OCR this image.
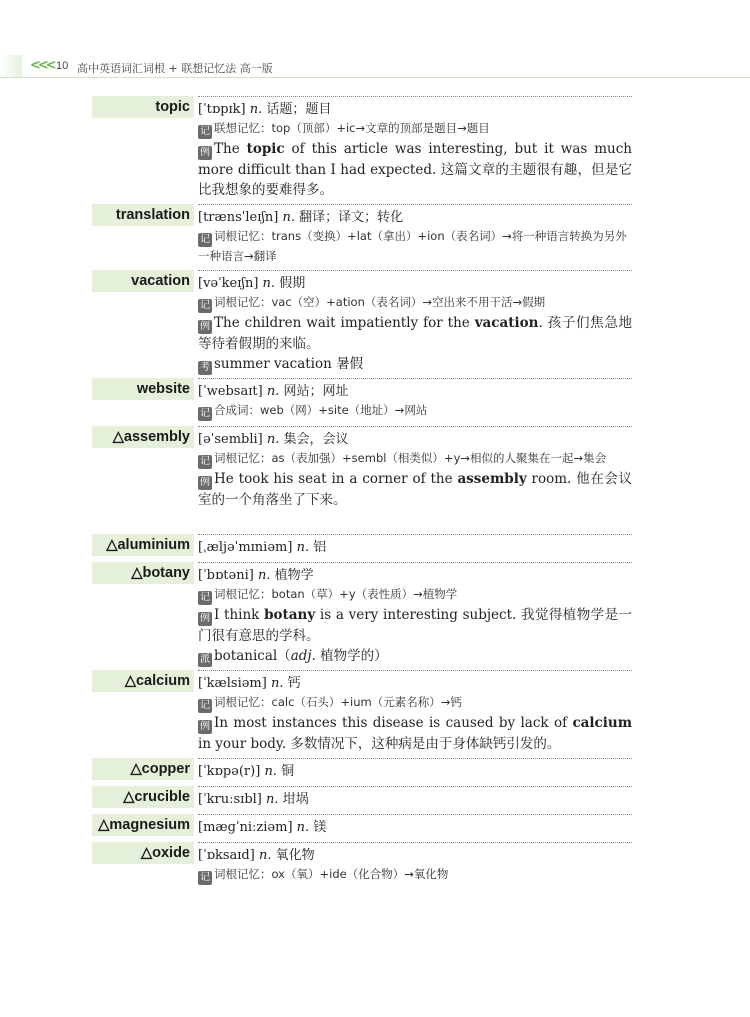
<<< 10 高中英语词汇词根 + 联想记忆法 高一版
topic [ˈtɒpɪk] n. 话题；题目
记 联想记忆：top（顶部）+ic→文章的顶部是题目→题目
例 The topic of this article was interesting, but it was much more difficult than I had expected. 这篇文章的主题很有趣，但是它比我想象的要难得多。
translation [trænsˈleɪʃn] n. 翻译；译文；转化
记 词根记忆：trans（变换）+lat（拿出）+ion（表名词）→将一种语言转换为另外一种语言→翻译
vacation [vəˈkeɪʃn] n. 假期
记 词根记忆：vac（空）+ation（表名词）→空出来不用干活→假期
例 The children wait impatiently for the vacation. 孩子们焦急地等待着假期的来临。
考 summer vacation 暑假
website [ˈwebsaɪt] n. 网站；网址
记 合成词：web（网）+site（地址）→网站
△assembly [əˈsembli] n. 集会，会议
记 词根记忆：as（表加强）+sembl（相类似）+y→相似的人聚集在一起→集会
例 He took his seat in a corner of the assembly room. 他在会议室的一个角落坐了下来。
△aluminium [ˌæljəˈmɪniəm] n. 铝
△botany [ˈbɒtəni] n. 植物学
记 词根记忆：botan（草）+y（表性质）→植物学
例 I think botany is a very interesting subject. 我觉得植物学是一门很有意思的学科。
派 botanical（adj. 植物学的）
△calcium [ˈkælsiəm] n. 钙
记 词根记忆：calc（石头）+ium（元素名称）→钙
例 In most instances this disease is caused by lack of calcium in your body. 多数情况下，这种病是由于身体缺钙引发的。
△copper [ˈkɒpə(r)] n. 铜
△crucible [ˈkruːsɪbl] n. 坩埚
△magnesium [mægˈniːziəm] n. 镁
△oxide [ˈɒksaɪd] n. 氧化物
记 词根记忆：ox（氧）+ide（化合物）→氧化物
